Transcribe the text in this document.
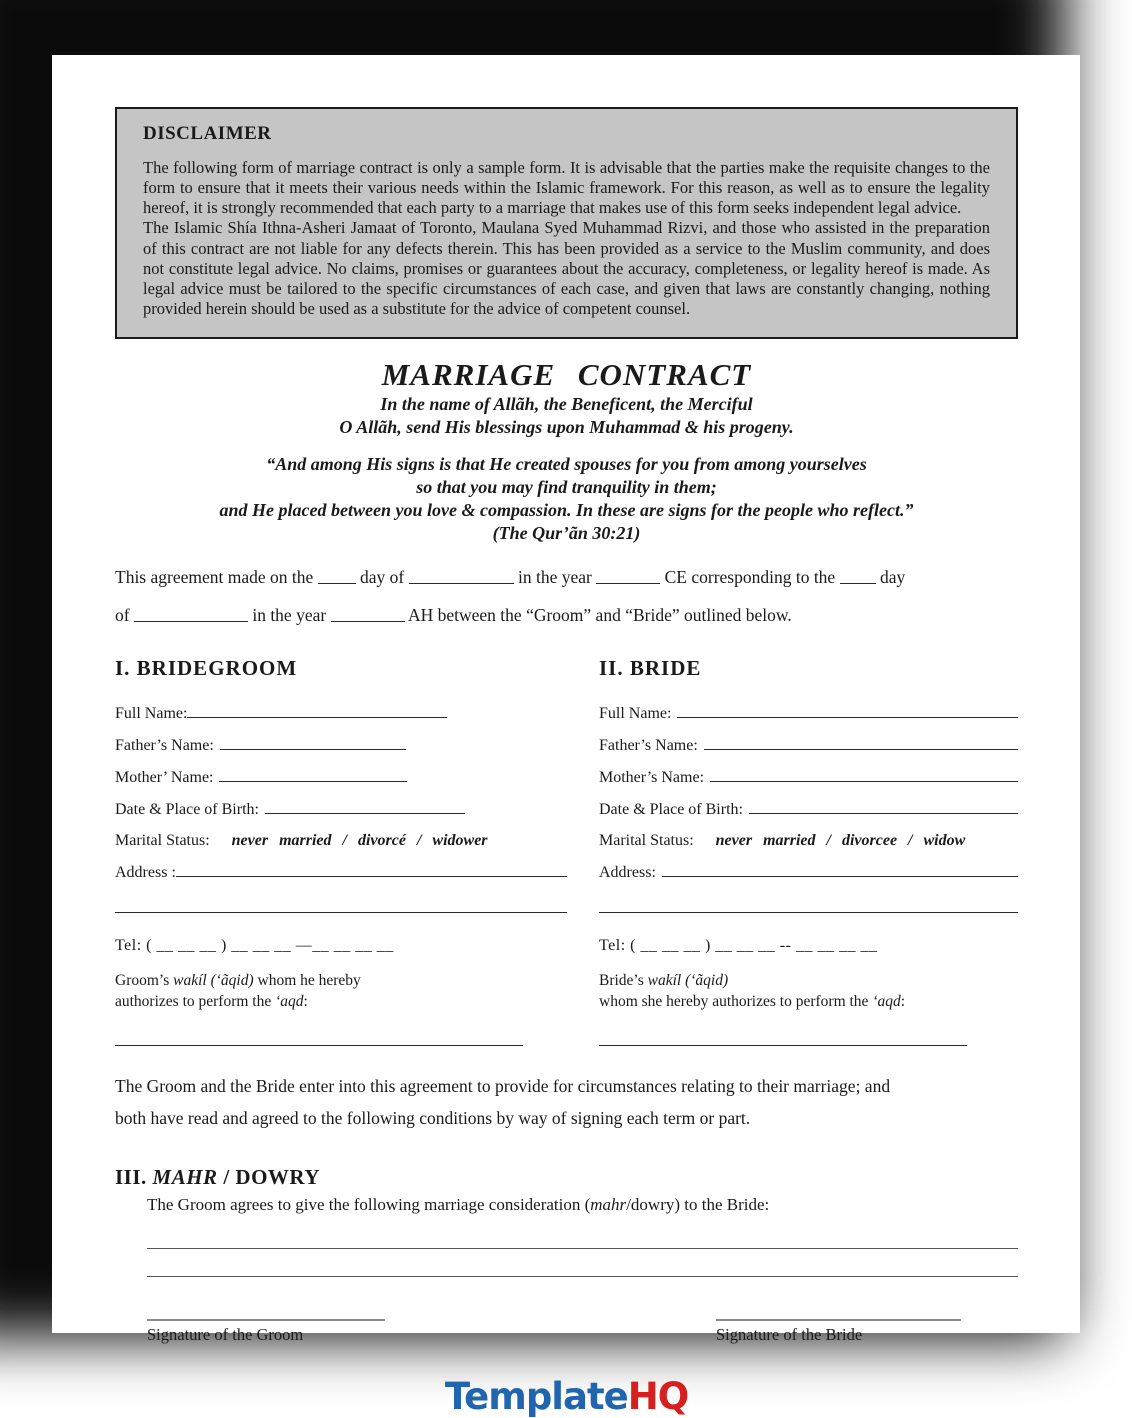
DISCLAIMER

The following form of marriage contract is only a sample form. It is advisable that the parties make the requisite changes to the form to ensure that it meets their various needs within the Islamic framework. For this reason, as well as to ensure the legality hereof, it is strongly recommended that each party to a marriage that makes use of this form seeks independent legal advice.

The Islamic Shía Ithna-Asheri Jamaat of Toronto, Maulana Syed Muhammad Rizvi, and those who assisted in the preparation of this contract are not liable for any defects therein. This has been provided as a service to the Muslim community, and does not constitute legal advice. No claims, promises or guarantees about the accuracy, completeness, or legality hereof is made. As legal advice must be tailored to the specific circumstances of each case, and given that laws are constantly changing, nothing provided herein should be used as a substitute for the advice of competent counsel.

MARRIAGE CONTRACT
In the name of Allãh, the Beneficent, the Merciful
O Allãh, send His blessings upon Muhammad & his progeny.
“And among His signs is that He created spouses for you from among yourselves
so that you may find tranquility in them;
and He placed between you love & compassion. In these are signs for the people who reflect.”
(The Qur’ãn 30:21)
This agreement made on the	day of	in the year	CE corresponding to the	day
of	in the year	AH between the “Groom” and “Bride” outlined below.
I. BRIDEGROOM
Full Name:
Father’s Name:
Mother’ Name:
Date & Place of Birth:
Marital Status: never married / divorcé / widower
Address :
Tel: ( __ __ __ ) __ __ __ —__ __ __ __
Groom’s wakíl (‘ãqid) whom he hereby authorizes to perform the ‘aqd:
II. BRIDE
Full Name:
Father’s Name:
Mother’s Name:
Date & Place of Birth:
Marital Status: never married / divorcee / widow
Address:
Tel: ( __ __ __ ) __ __ __ -- __ __ __ __
Bride’s wakíl (‘ãqid)
whom she hereby authorizes to perform the ‘aqd:
The Groom and the Bride enter into this agreement to provide for circumstances relating to their marriage; and
both have read and agreed to the following conditions by way of signing each term or part.
III. MAHR / DOWRY
The Groom agrees to give the following marriage consideration (mahr/dowry) to the Bride:
Signature of the Groom	Signature of the Bride
TemplateHQ
